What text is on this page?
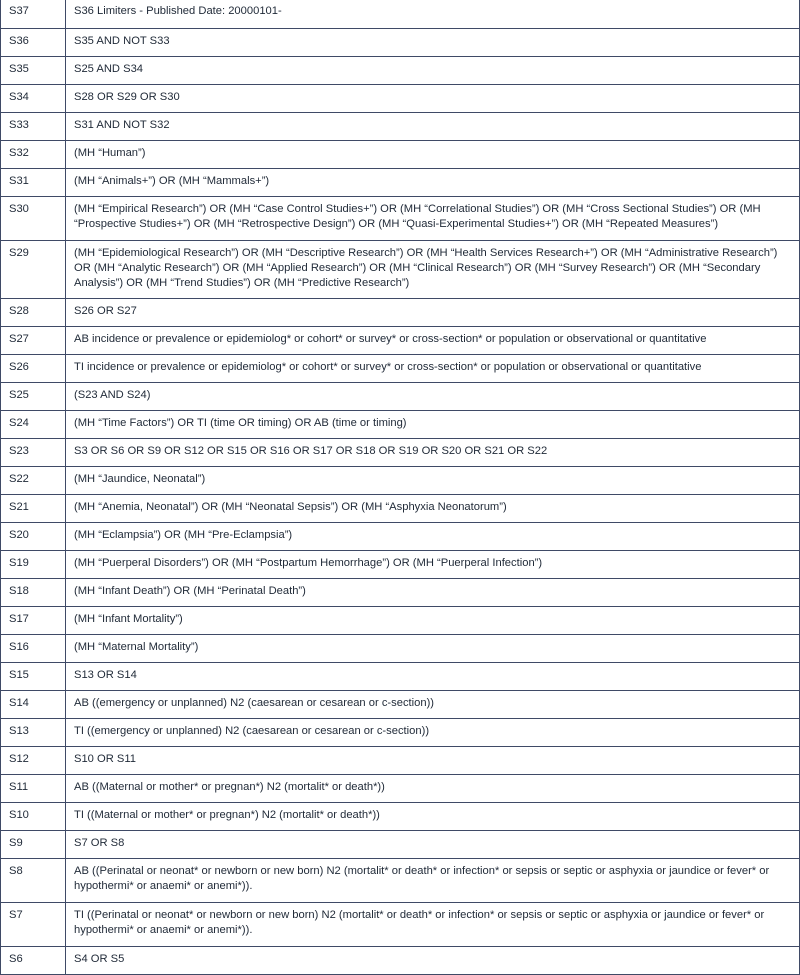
S37	S36 Limiters - Published Date: 20000101-
S36	S35 AND NOT S33
S35	S25 AND S34
S34	S28 OR S29 OR S30
S33	S31 AND NOT S32
S32	(MH “Human”)
S31	(MH “Animals+”) OR (MH “Mammals+”)
S30	(MH “Empirical Research”) OR (MH “Case Control Studies+”) OR (MH “Correlational Studies”) OR (MH “Cross Sectional Studies”) OR (MH “Prospective Studies+”) OR (MH “Retrospective Design”) OR (MH “Quasi-Experimental Studies+”) OR (MH “Repeated Measures”)
S29	(MH “Epidemiological Research”) OR (MH “Descriptive Research”) OR (MH “Health Services Research+”) OR (MH “Administrative Research”) OR (MH “Analytic Research”) OR (MH “Applied Research”) OR (MH “Clinical Research”) OR (MH “Survey Research”) OR (MH “Secondary Analysis”) OR (MH “Trend Studies”) OR (MH “Predictive Research”)
S28	S26 OR S27
S27	AB incidence or prevalence or epidemiolog* or cohort* or survey* or cross-section* or population or observational or quantitative
S26	TI incidence or prevalence or epidemiolog* or cohort* or survey* or cross-section* or population or observational or quantitative
S25	(S23 AND S24)
S24	(MH “Time Factors”) OR TI (time OR timing) OR AB (time or timing)
S23	S3 OR S6 OR S9 OR S12 OR S15 OR S16 OR S17 OR S18 OR S19 OR S20 OR S21 OR S22
S22	(MH “Jaundice, Neonatal”)
S21	(MH “Anemia, Neonatal”) OR (MH “Neonatal Sepsis”) OR (MH “Asphyxia Neonatorum”)
S20	(MH “Eclampsia”) OR (MH “Pre-Eclampsia”)
S19	(MH “Puerperal Disorders”) OR (MH “Postpartum Hemorrhage”) OR (MH “Puerperal Infection”)
S18	(MH “Infant Death”) OR (MH “Perinatal Death”)
S17	(MH “Infant Mortality”)
S16	(MH “Maternal Mortality”)
S15	S13 OR S14
S14	AB ((emergency or unplanned) N2 (caesarean or cesarean or c-section))
S13	TI ((emergency or unplanned) N2 (caesarean or cesarean or c-section))
S12	S10 OR S11
S11	AB ((Maternal or mother* or pregnan*) N2 (mortalit* or death*))
S10	TI ((Maternal or mother* or pregnan*) N2 (mortalit* or death*))
S9	S7 OR S8
S8	AB ((Perinatal or neonat* or newborn or new born) N2 (mortalit* or death* or infection* or sepsis or septic or asphyxia or jaundice or fever* or hypothermi* or anaemi* or anemi*)).
S7	TI ((Perinatal or neonat* or newborn or new born) N2 (mortalit* or death* or infection* or sepsis or septic or asphyxia or jaundice or fever* or hypothermi* or anaemi* or anemi*)).
S6	S4 OR S5
